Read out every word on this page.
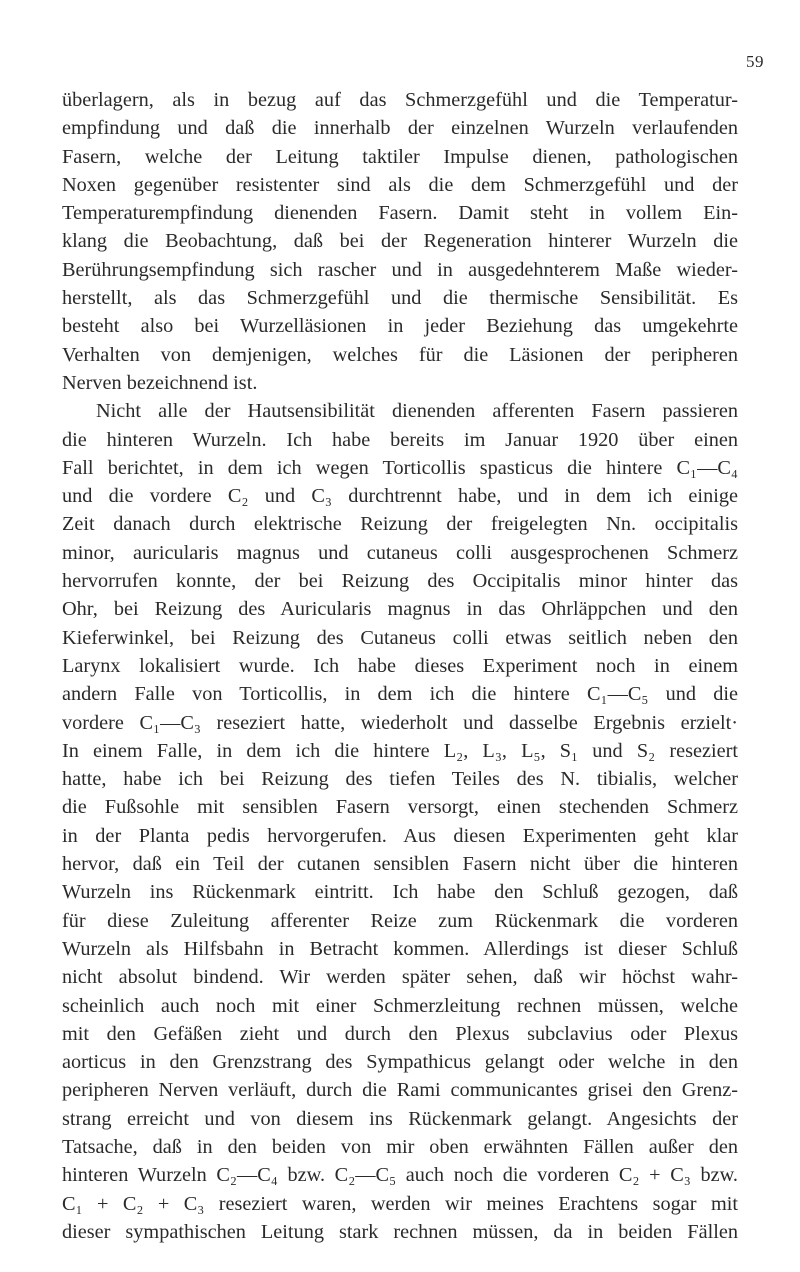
59
überlagern, als in bezug auf das Schmerzgefühl und die Temperatur-
empfindung und daß die innerhalb der einzelnen Wurzeln verlaufenden
Fasern, welche der Leitung taktiler Impulse dienen, pathologischen
Noxen gegenüber resistenter sind als die dem Schmerzgefühl und der
Temperaturempfindung dienenden Fasern. Damit steht in vollem Ein-
klang die Beobachtung, daß bei der Regeneration hinterer Wurzeln die
Berührungsempfindung sich rascher und in ausgedehnterem Maße wieder-
herstellt, als das Schmerzgefühl und die thermische Sensibilität. Es
besteht also bei Wurzelläsionen in jeder Beziehung das umgekehrte
Verhalten von demjenigen, welches für die Läsionen der peripheren
Nerven bezeichnend ist.
Nicht alle der Hautsensibilität dienenden afferenten Fasern passieren
die hinteren Wurzeln. Ich habe bereits im Januar 1920 über einen
Fall berichtet, in dem ich wegen Torticollis spasticus die hintere C₁—C₄
und die vordere C₂ und C₃ durchtrennt habe, und in dem ich einige
Zeit danach durch elektrische Reizung der freigelegten Nn. occipitalis
minor, auricularis magnus und cutaneus colli ausgesprochenen Schmerz
hervorrufen konnte, der bei Reizung des Occipitalis minor hinter das
Ohr, bei Reizung des Auricularis magnus in das Ohrläppchen und den
Kieferwinkel, bei Reizung des Cutaneus colli etwas seitlich neben den
Larynx lokalisiert wurde. Ich habe dieses Experiment noch in einem
andern Falle von Torticollis, in dem ich die hintere C₁—C₅ und die
vordere C₁—C₃ reseziert hatte, wiederholt und dasselbe Ergebnis erzielt·
In einem Falle, in dem ich die hintere L₂, L₃, L₅, S₁ und S₂ reseziert
hatte, habe ich bei Reizung des tiefen Teiles des N. tibialis, welcher
die Fußsohle mit sensiblen Fasern versorgt, einen stechenden Schmerz
in der Planta pedis hervorgerufen. Aus diesen Experimenten geht klar
hervor, daß ein Teil der cutanen sensiblen Fasern nicht über die hinteren
Wurzeln ins Rückenmark eintritt. Ich habe den Schluß gezogen, daß
für diese Zuleitung afferenter Reize zum Rückenmark die vorderen
Wurzeln als Hilfsbahn in Betracht kommen. Allerdings ist dieser Schluß
nicht absolut bindend. Wir werden später sehen, daß wir höchst wahr-
scheinlich auch noch mit einer Schmerzleitung rechnen müssen, welche
mit den Gefäßen zieht und durch den Plexus subclavius oder Plexus
aorticus in den Grenzstrang des Sympathicus gelangt oder welche in den
peripheren Nerven verläuft, durch die Rami communicantes grisei den Grenz-
strang erreicht und von diesem ins Rückenmark gelangt. Angesichts der
Tatsache, daß in den beiden von mir oben erwähnten Fällen außer den
hinteren Wurzeln C₂—C₄ bzw. C₂—C₅ auch noch die vorderen C₂ + C₃ bzw.
C₁ + C₂ + C₃ reseziert waren, werden wir meines Erachtens sogar mit
dieser sympathischen Leitung stark rechnen müssen, da in beiden Fällen
